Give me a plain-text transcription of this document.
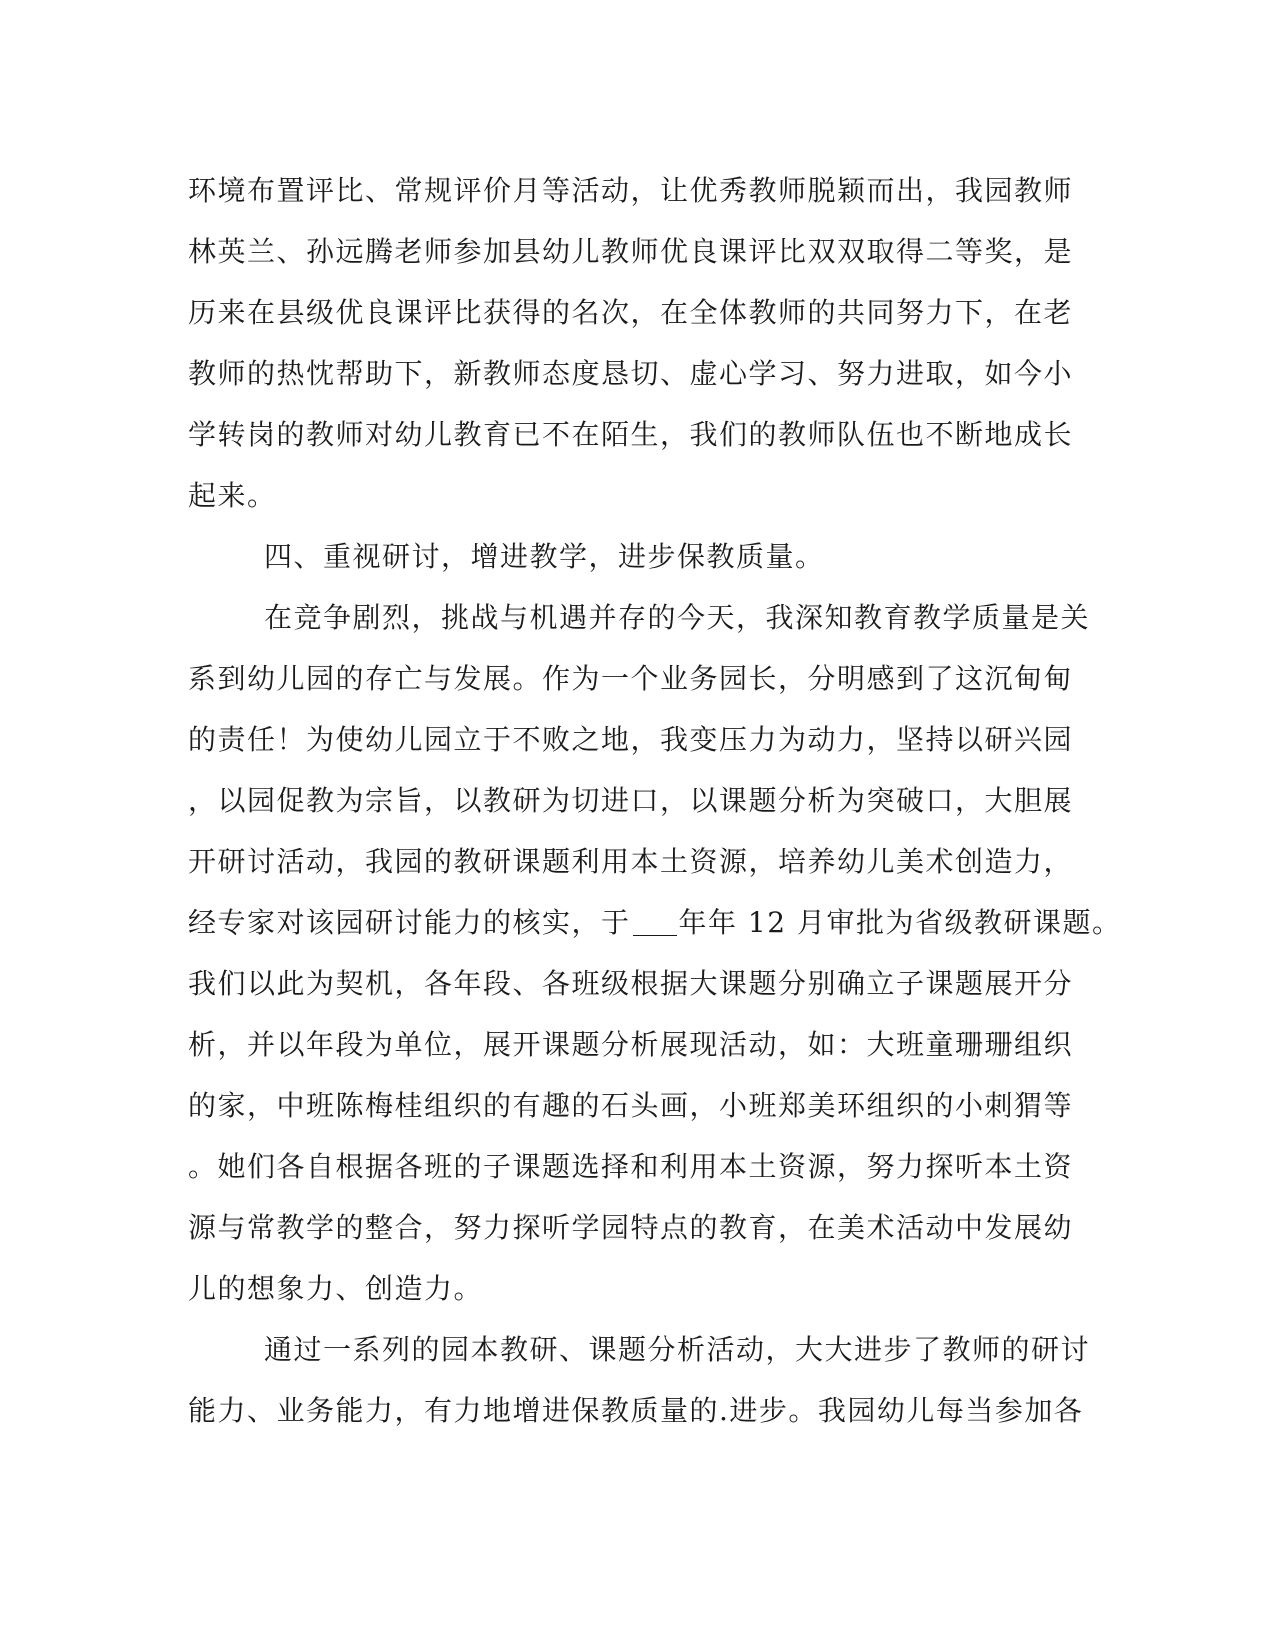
环境布置评比、常规评价月等活动，让优秀教师脱颖而出，我园教师
林英兰、孙远腾老师参加县幼儿教师优良课评比双双取得二等奖，是
历来在县级优良课评比获得的名次，在全体教师的共同努力下，在老
教师的热忱帮助下，新教师态度恳切、虚心学习、努力进取，如今小
学转岗的教师对幼儿教育已不在陌生，我们的教师队伍也不断地成长
起来。
四、重视研讨，增进教学，进步保教质量。
在竞争剧烈，挑战与机遇并存的今天，我深知教育教学质量是关
系到幼儿园的存亡与发展。作为一个业务园长，分明感到了这沉甸甸
的责任！为使幼儿园立于不败之地，我变压力为动力，坚持以研兴园
，以园促教为宗旨，以教研为切进口，以课题分析为突破口，大胆展
开研讨活动，我园的教研课题利用本土资源，培养幼儿美术创造力，
经专家对该园研讨能力的核实，于 年年 12 月审批为省级教研课题。
我们以此为契机，各年段、各班级根据大课题分别确立子课题展开分
析，并以年段为单位，展开课题分析展现活动，如：大班童珊珊组织
的家，中班陈梅桂组织的有趣的石头画，小班郑美环组织的小刺猬等
。她们各自根据各班的子课题选择和利用本土资源，努力探听本土资
源与常教学的整合，努力探听学园特点的教育，在美术活动中发展幼
儿的想象力、创造力。
通过一系列的园本教研、课题分析活动，大大进步了教师的研讨
能力、业务能力，有力地增进保教质量的.进步。我园幼儿每当参加各
